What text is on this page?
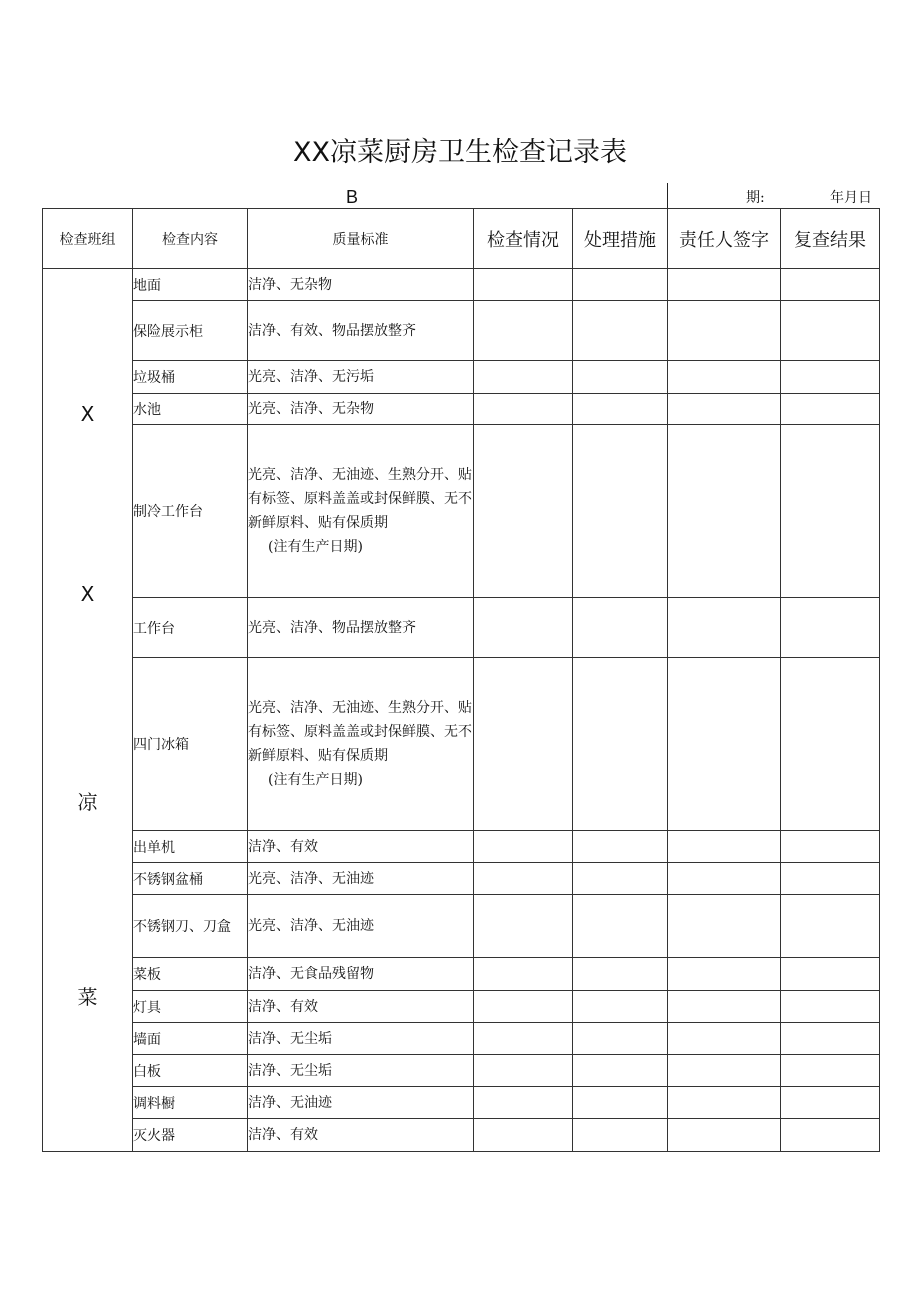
XX凉菜厨房卫生检查记录表
B	期:	年月日
检查班组	检查内容	质量标准	检查情况	处理措施	责任人签字	复查结果

X
X
凉
菜	地面	洁净、无杂物				
	保险展示柜	洁净、有效、物品摆放整齐				
	垃圾桶	光亮、洁净、无污垢				
	水池	光亮、洁净、无杂物				
	制冷工作台	光亮、洁净、无油迹、生熟分开、贴有标签、原料盖盖或封保鲜膜、无不新鲜原料、贴有保质期
(注有生产日期)				

	工作台	光亮、洁净、物品摆放整齐				
	四门冰箱	光亮、洁净、无油迹、生熟分开、贴有标签、原料盖盖或封保鲜膜、无不新鲜原料、贴有保质期
(注有生产日期)				

	出单机	洁净、有效				
	不锈钢盆桶	光亮、洁净、无油迹				
	不锈钢刀、刀盒	光亮、洁净、无油迹				
	菜板	洁净、无食品残留物				
	灯具	洁净、有效				
	墙面	洁净、无尘垢				
	白板	洁净、无尘垢				
	调料橱	洁净、无油迹				
	灭火器	洁净、有效				
